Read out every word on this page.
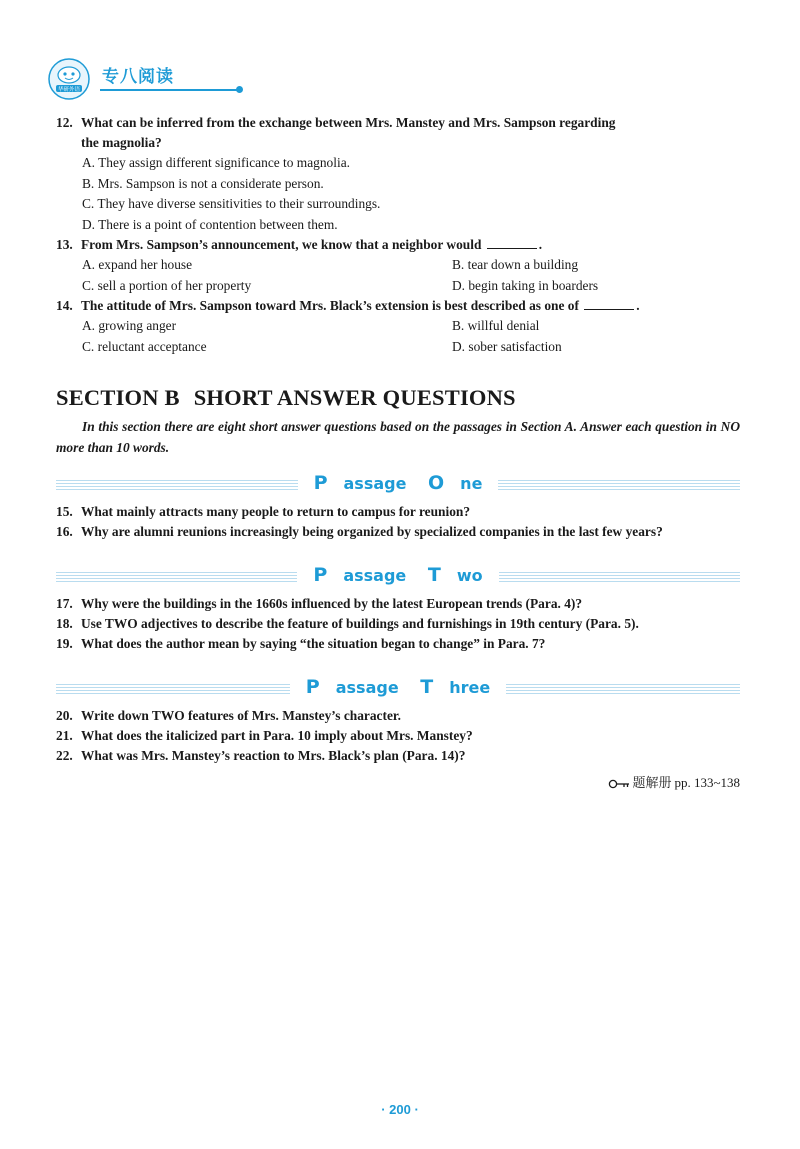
华研外语
专八阅读

12. What can be inferred from the exchange between Mrs. Manstey and Mrs. Sampson regarding
the magnolia?

A. They assign different significance to magnolia.

B. Mrs. Sampson is not a considerate person.

C. They have diverse sensitivities to their surroundings.

D. There is a point of contention between them.

13. From Mrs. Sampson’s announcement, we know that a neighbor would	.

A. expand her house	B. tear down a building
C. sell a portion of her property	D. begin taking in boarders

14. The attitude of Mrs. Sampson toward Mrs. Black’s extension is best described as one of	.

A. growing anger	B. willful denial
C. reluctant acceptance	D. sober satisfaction
SECTION B SHORT ANSWER QUESTIONS

In this section there are eight short answer questions based on the passages in Section A. Answer each question in NO more than 10 words.

P assage O ne

15. What mainly attracts many people to return to campus for reunion?

16. Why are alumni reunions increasingly being organized by specialized companies in the last few years?

P assage T wo

17. Why were the buildings in the 1660s influenced by the latest European trends (Para. 4)?

18. Use TWO adjectives to describe the feature of buildings and furnishings in 19th century (Para. 5).

19. What does the author mean by saying “the situation began to change” in Para. 7?

P assage T hree

20. Write down TWO features of Mrs. Manstey’s character.

21. What does the italicized part in Para. 10 imply about Mrs. Manstey?

22. What was Mrs. Manstey’s reaction to Mrs. Black’s plan (Para. 14)?

题解册 pp. 133~138
· 200 ·
